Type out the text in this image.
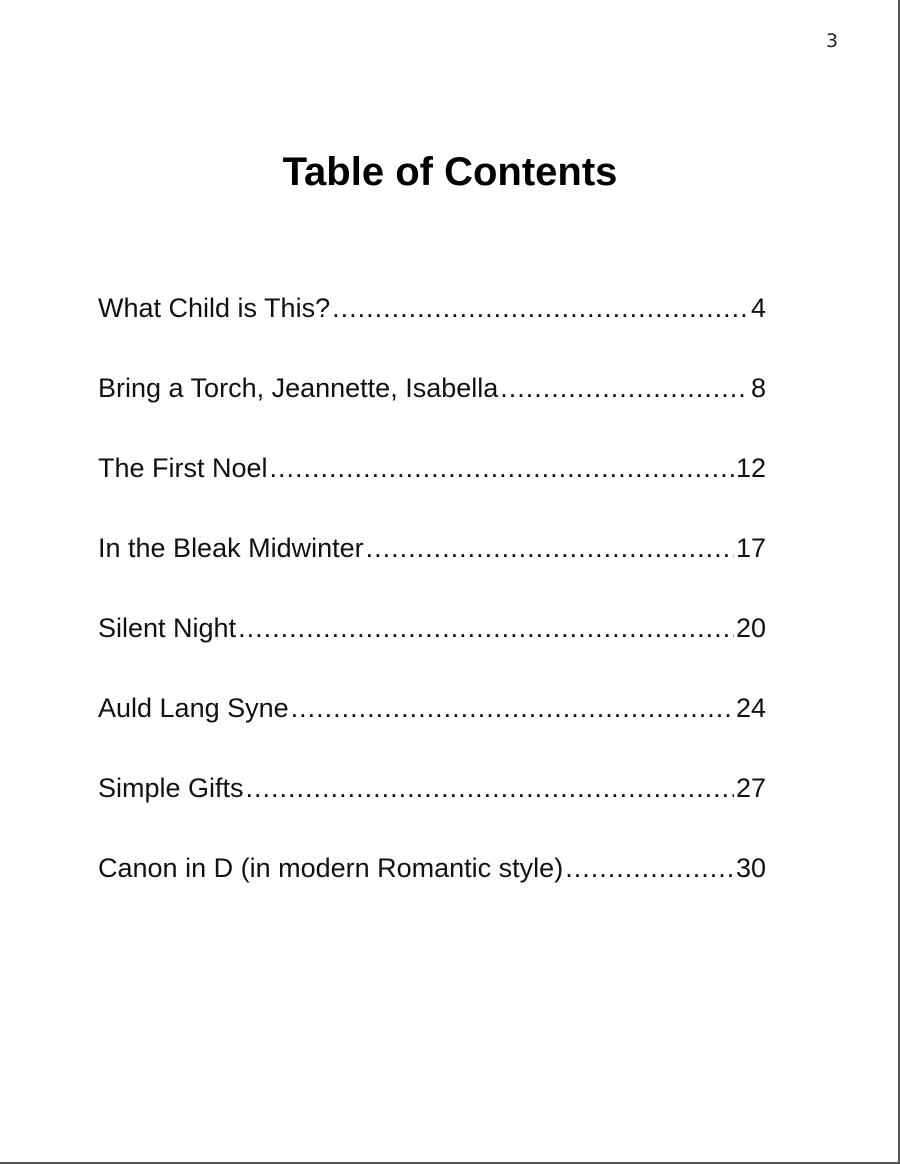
3
Table of Contents
What Child is This? .....	4
Bring a Torch, Jeannette, Isabella .....	8
The First Noel .....	12
In the Bleak Midwinter .....	17
Silent Night .....	20
Auld Lang Syne .....	24
Simple Gifts .....	27
Canon in D (in modern Romantic style) .....	30
